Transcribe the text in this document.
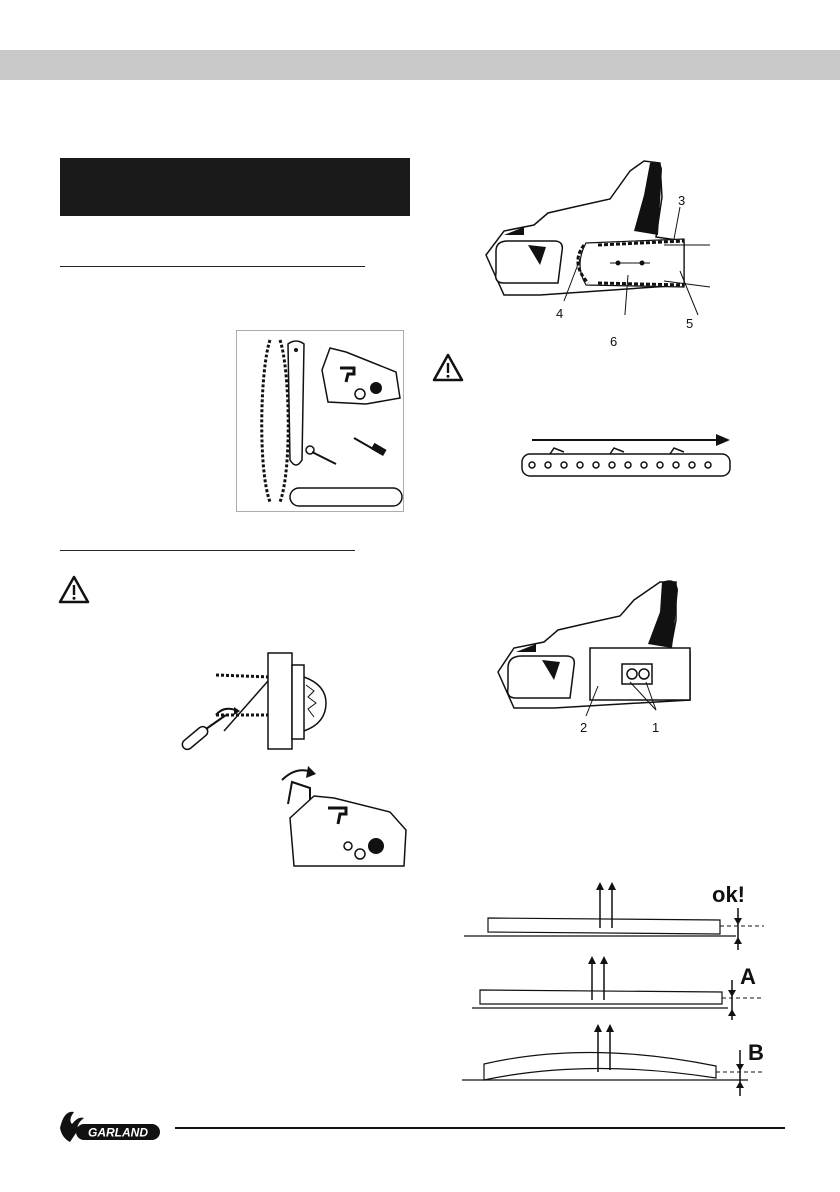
3
4
5
6
2	1
ok!
A
B
GARLAND
